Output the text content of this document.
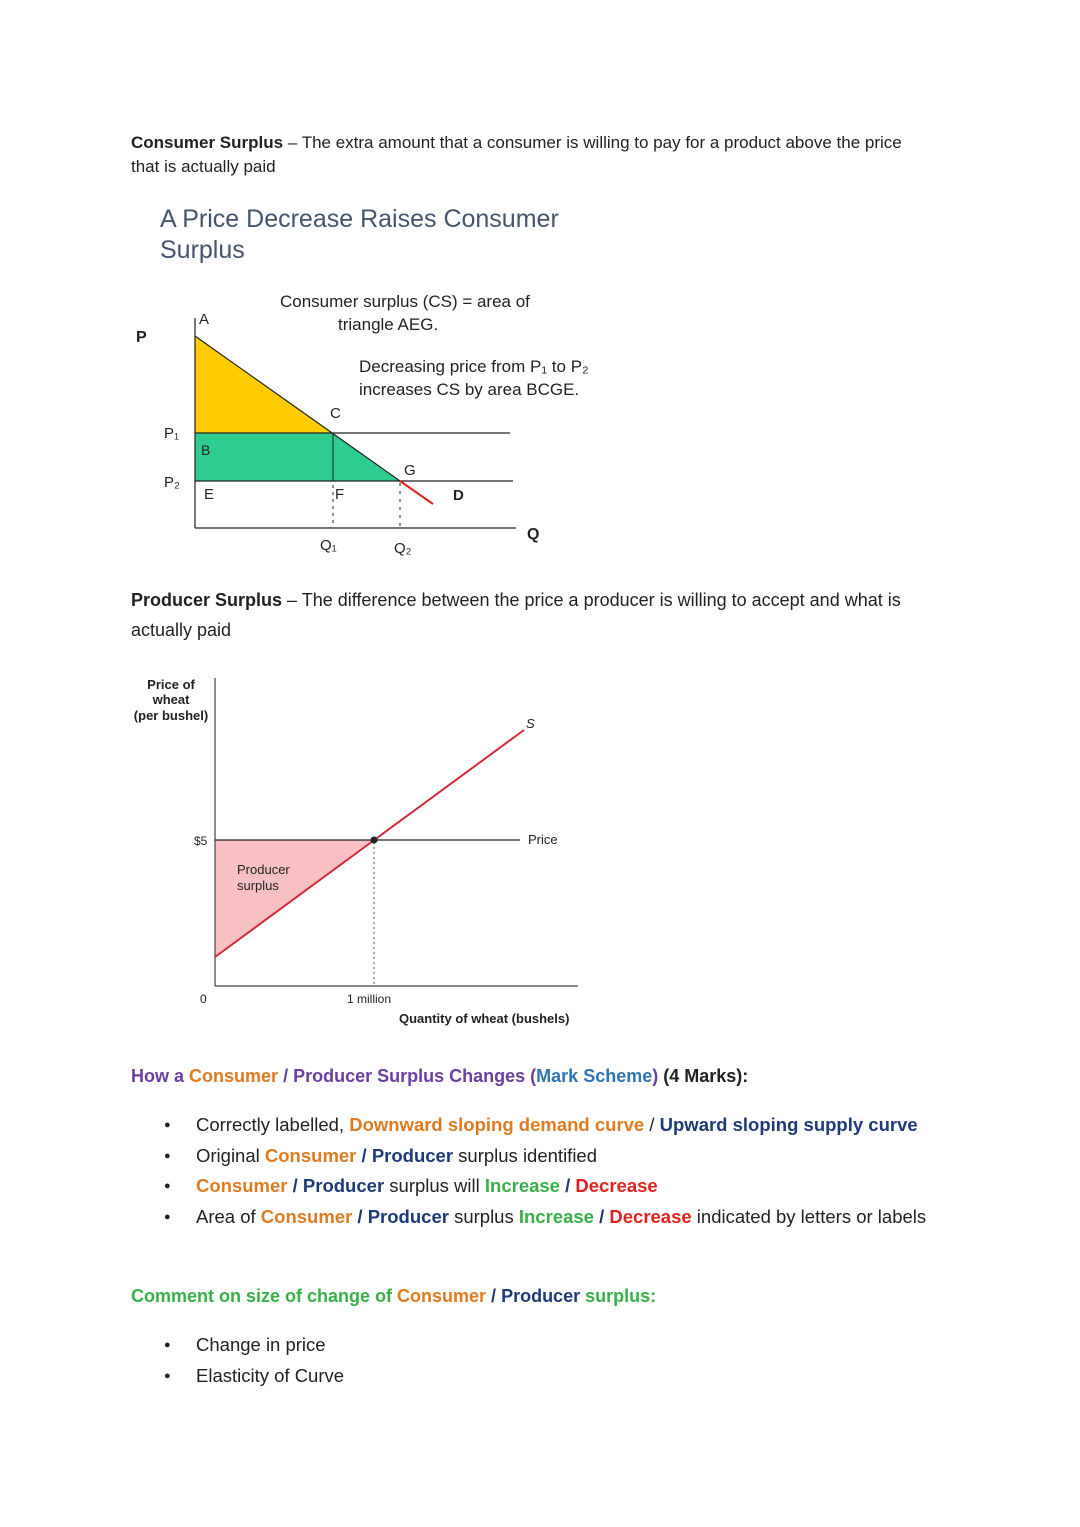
Consumer Surplus – The extra amount that a consumer is willing to pay for a product above the price that is actually paid
A Price Decrease Raises Consumer Surplus
P
A
P₁
P₂
B
E
C
F
G
D
Q
Q₁	Q₂
Consumer surplus (CS) = area of
triangle AEG.
Decreasing price from P₁ to P₂
increases CS by area BCGE.
Producer Surplus – The difference between the price a producer is willing to accept and what is actually paid
Price of
wheat
(per bushel)
$5
0	1 million
Quantity of wheat (bushels)
S
Price
Producer
surplus
How a Consumer / Producer Surplus Changes (Mark Scheme) (4 Marks):
● Correctly labelled, Downward sloping demand curve / Upward sloping supply curve
● Original Consumer / Producer surplus identified
● Consumer / Producer surplus will Increase / Decrease
● Area of Consumer / Producer surplus Increase / Decrease indicated by letters or labels
Comment on size of change of Consumer / Producer surplus:
● Change in price
● Elasticity of Curve
